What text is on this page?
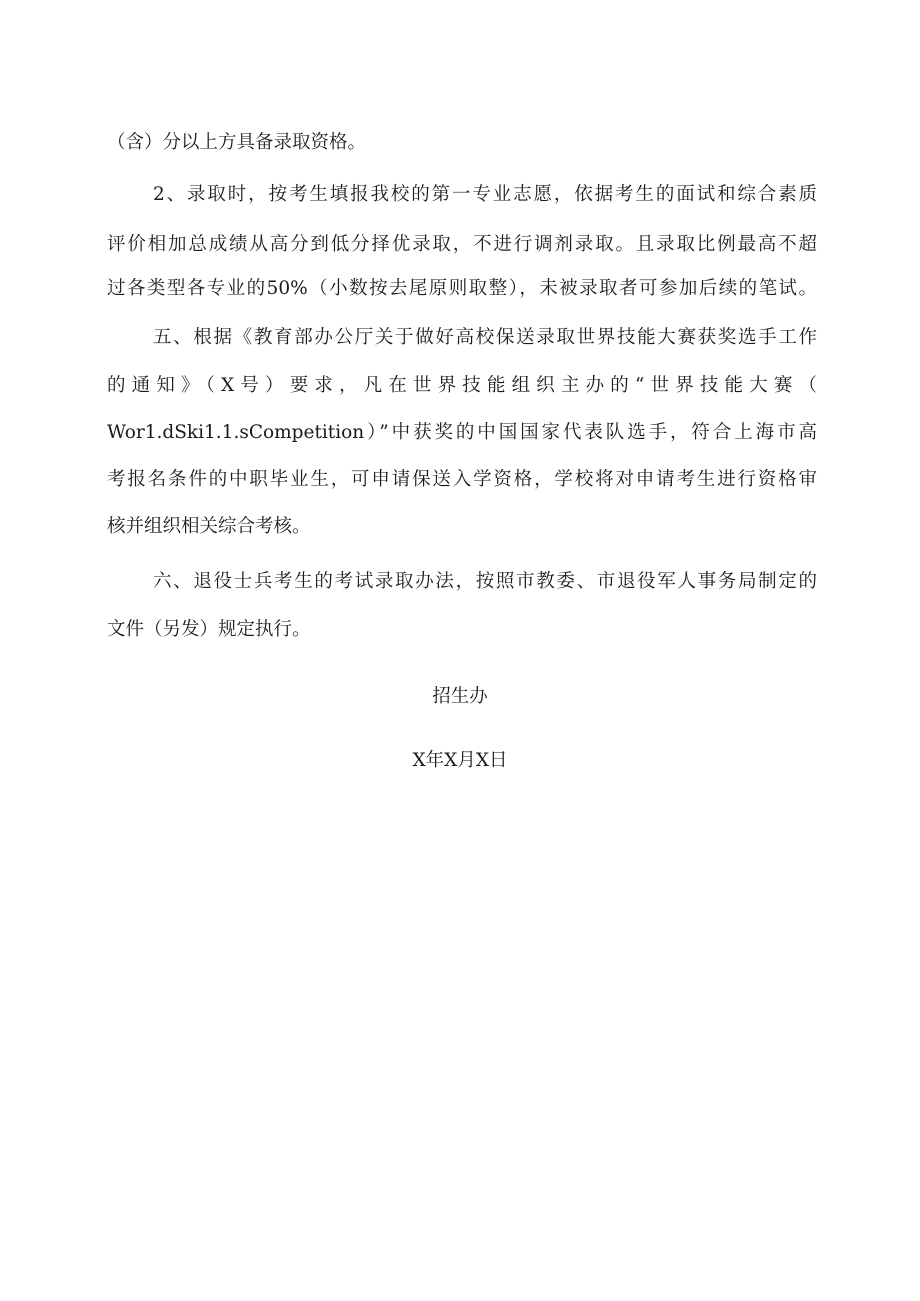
（含）分以上方具备录取资格。
2、录取时，按考生填报我校的第一专业志愿，依据考生的面试和综合素质
评价相加总成绩从高分到低分择优录取，不进行调剂录取。且录取比例最高不超
过各类型各专业的50%（小数按去尾原则取整），未被录取者可参加后续的笔试。
五、根据《教育部办公厅关于做好高校保送录取世界技能大赛获奖选手工作
的通知》（X号）要求，凡在世界技能组织主办的“世界技能大赛（
Wor1.dSki1.1.sCompetition）”中获奖的中国国家代表队选手，符合上海市高
考报名条件的中职毕业生，可申请保送入学资格，学校将对申请考生进行资格审
核并组织相关综合考核。
六、退役士兵考生的考试录取办法，按照市教委、市退役军人事务局制定的
文件（另发）规定执行。
招生办
X年X月X日
